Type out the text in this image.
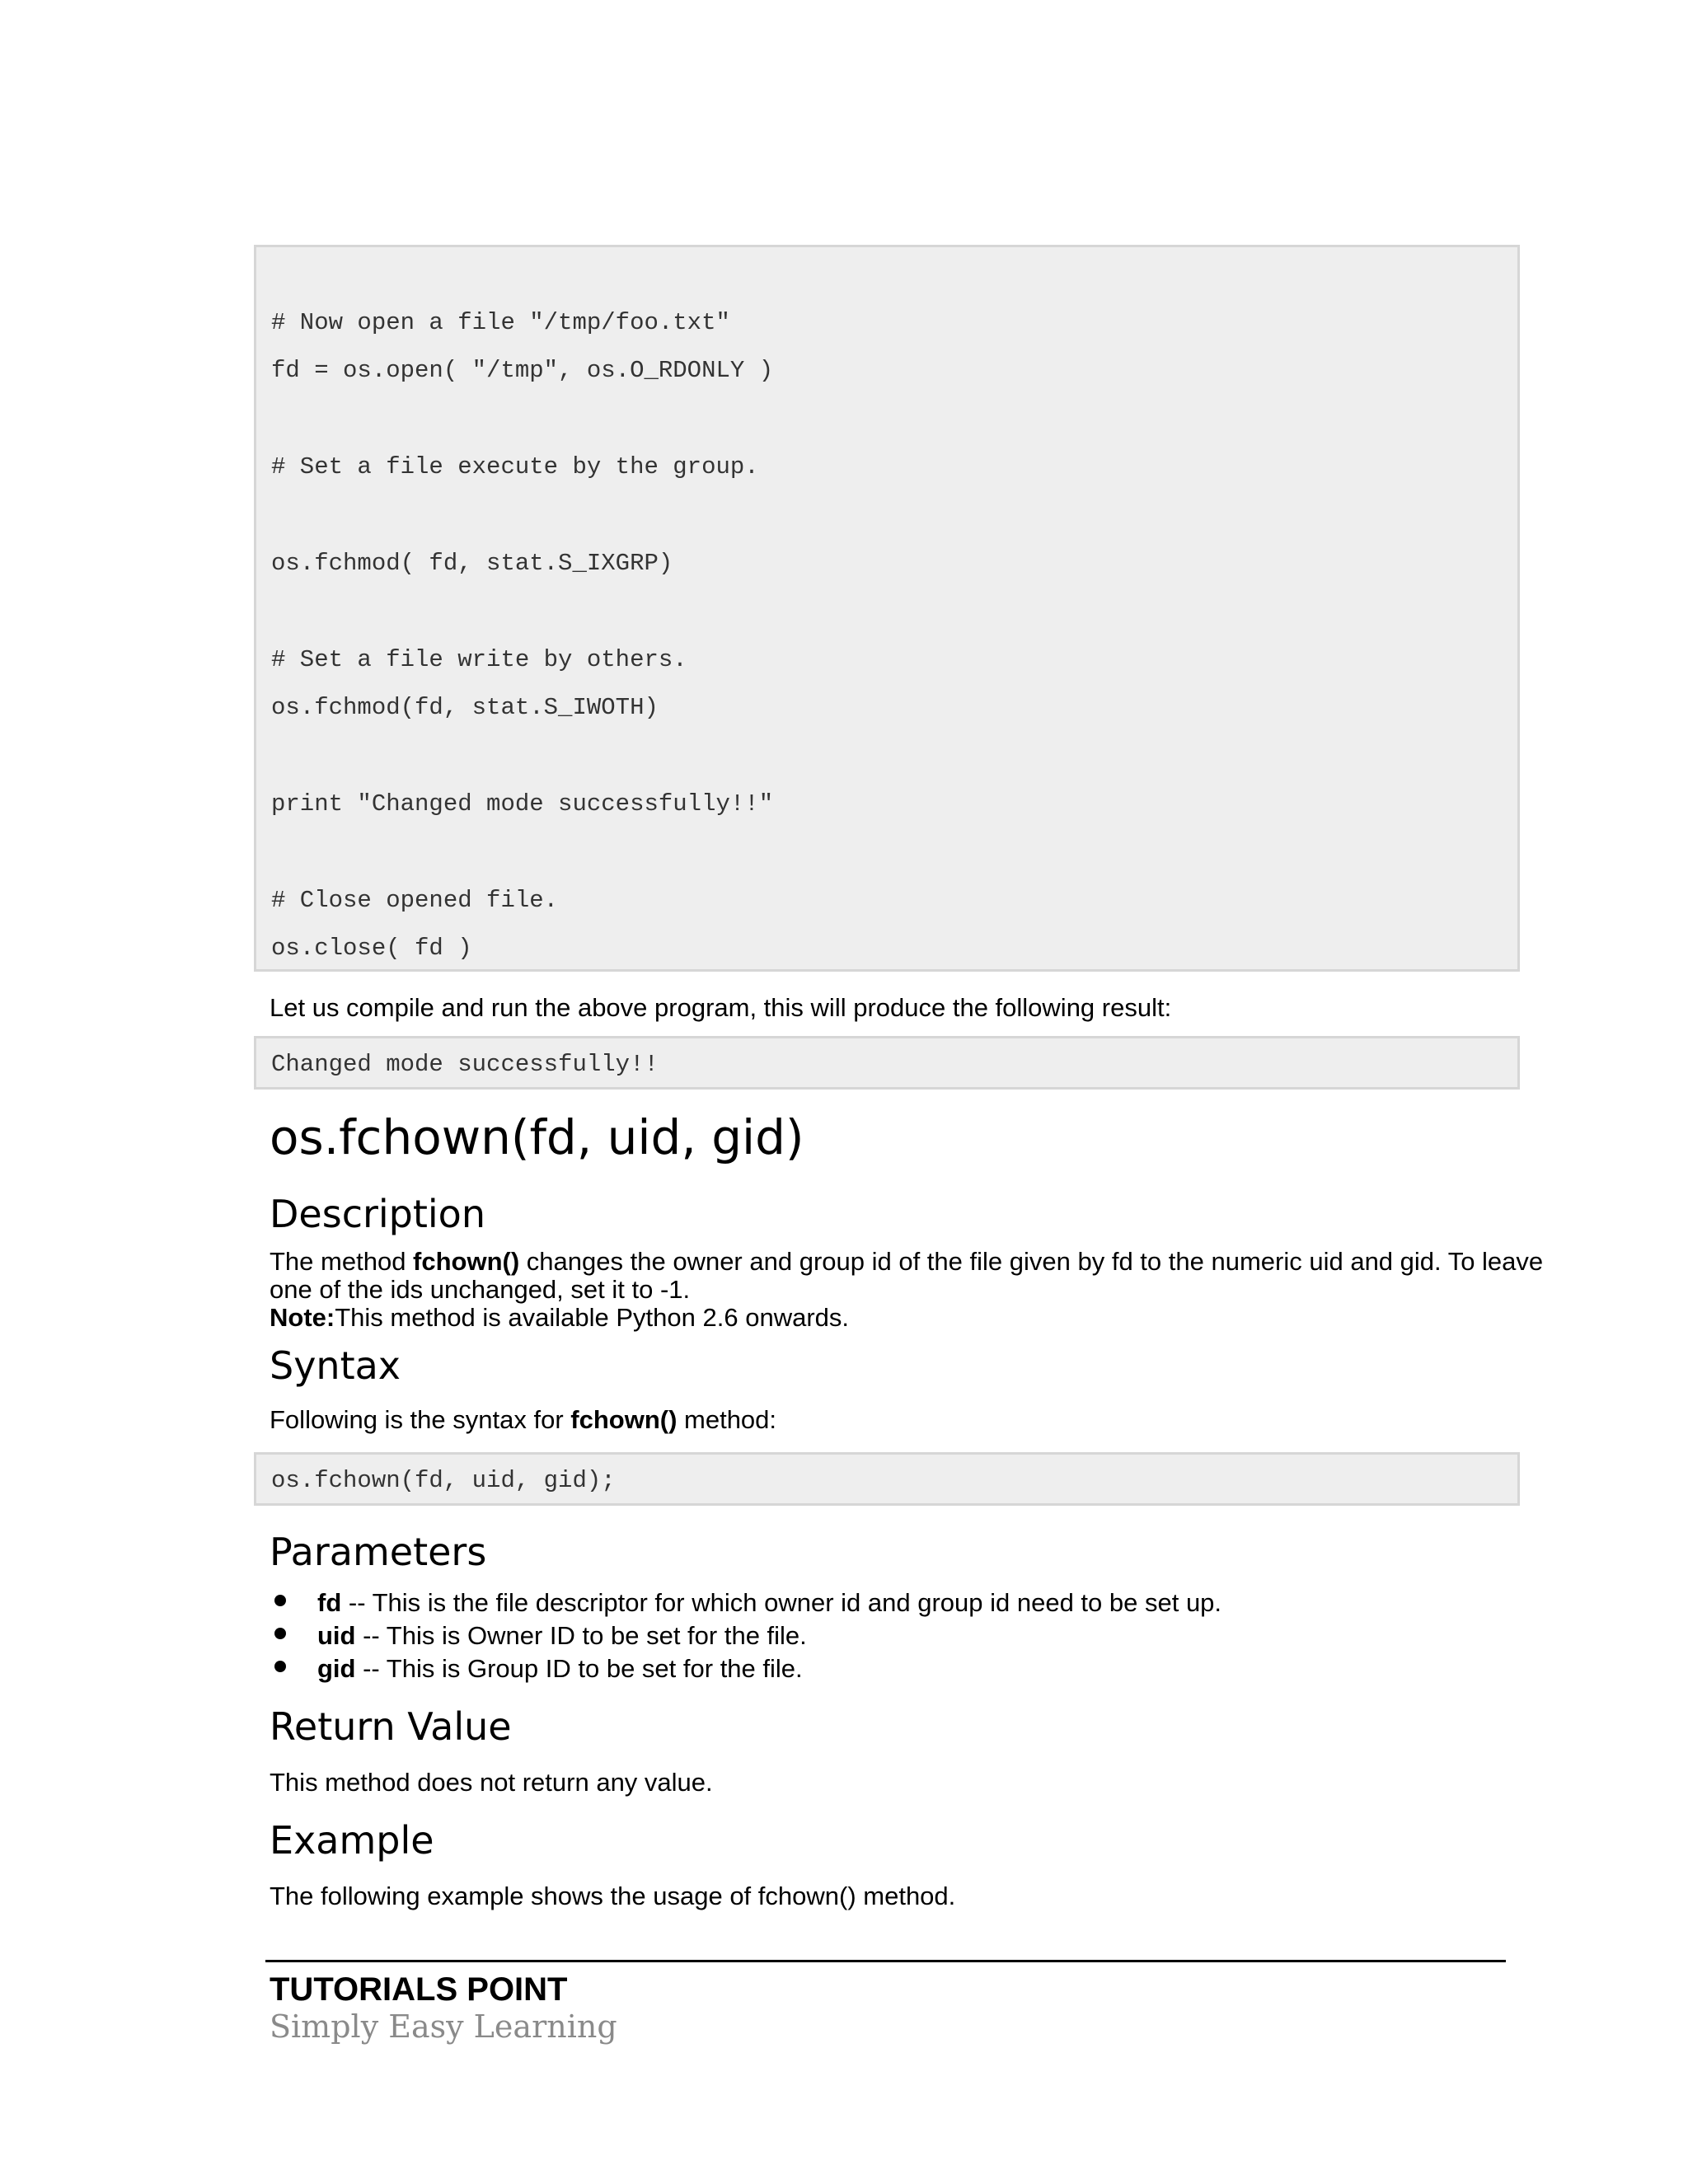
# Now open a file "/tmp/foo.txt"
fd = os.open( "/tmp", os.O_RDONLY )
# Set a file execute by the group.
os.fchmod( fd, stat.S_IXGRP)
# Set a file write by others.
os.fchmod(fd, stat.S_IWOTH)
print "Changed mode successfully!!"
# Close opened file.
os.close( fd )
Let us compile and run the above program, this will produce the following result:
Changed mode successfully!!
os.fchown(fd, uid, gid)
Description
The method fchown() changes the owner and group id of the file given by fd to the numeric uid and gid. To leave
one of the ids unchanged, set it to -1.
Note:This method is available Python 2.6 onwards.
Syntax
Following is the syntax for fchown() method:
os.fchown(fd, uid, gid);
Parameters
fd -- This is the file descriptor for which owner id and group id need to be set up.
uid -- This is Owner ID to be set for the file.
gid -- This is Group ID to be set for the file.
Return Value
This method does not return any value.
Example
The following example shows the usage of fchown() method.
TUTORIALS POINT
Simply Easy Learning
